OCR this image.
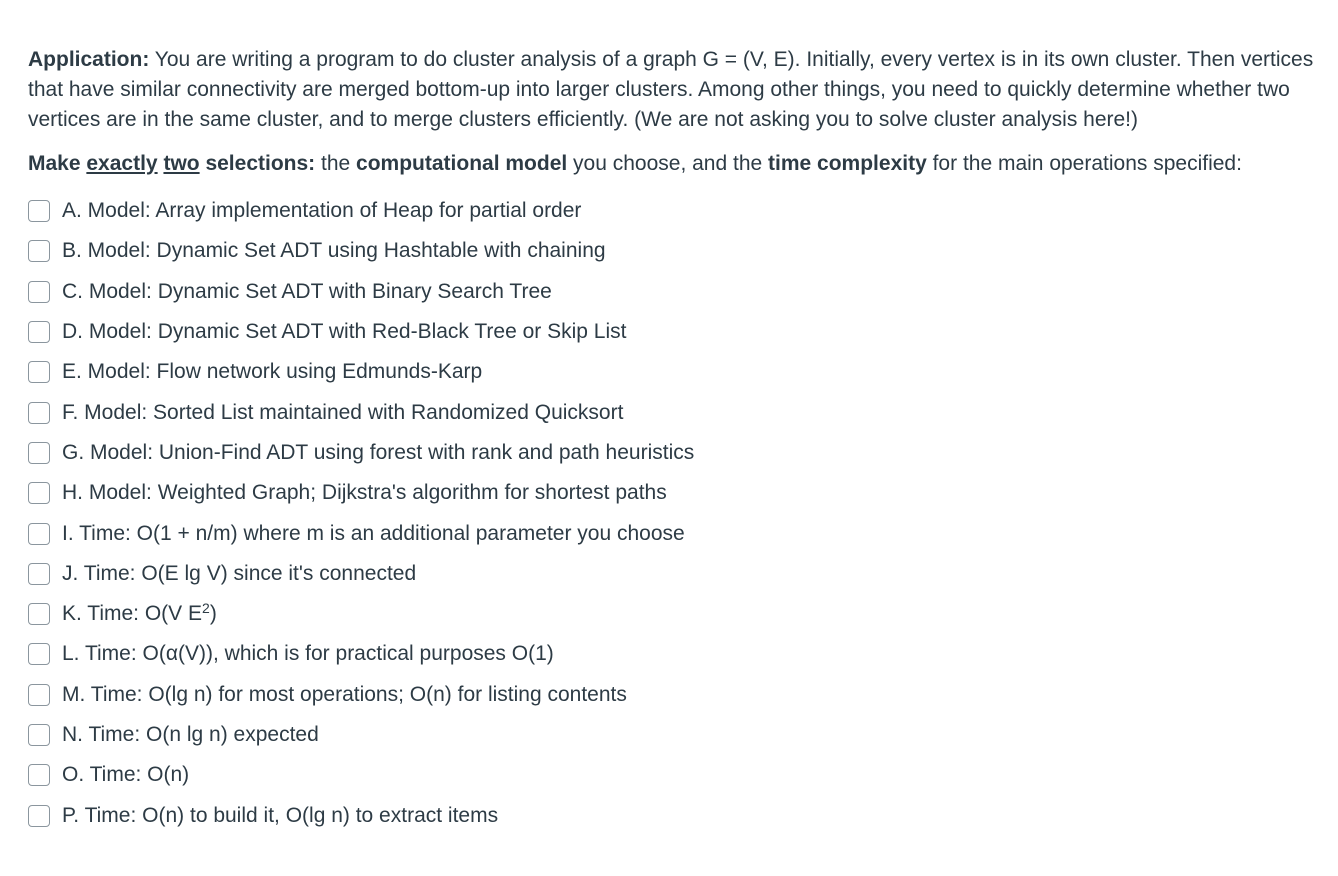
Application: You are writing a program to do cluster analysis of a graph G = (V, E). Initially, every vertex is in its own cluster. Then vertices that have similar connectivity are merged bottom-up into larger clusters. Among other things, you need to quickly determine whether two vertices are in the same cluster, and to merge clusters efficiently. (We are not asking you to solve cluster analysis here!)

Make exactly two selections: the computational model you choose, and the time complexity for the main operations specified:

A. Model: Array implementation of Heap for partial order
B. Model: Dynamic Set ADT using Hashtable with chaining
C. Model: Dynamic Set ADT with Binary Search Tree
D. Model: Dynamic Set ADT with Red-Black Tree or Skip List
E. Model: Flow network using Edmunds-Karp
F. Model: Sorted List maintained with Randomized Quicksort
G. Model: Union-Find ADT using forest with rank and path heuristics
H. Model: Weighted Graph; Dijkstra's algorithm for shortest paths
I. Time: O(1 + n/m) where m is an additional parameter you choose
J. Time: O(E lg V) since it's connected
K. Time: O(V $E^2$)
L. Time: O(α(V)), which is for practical purposes O(1)
M. Time: O(lg n) for most operations; O(n) for listing contents
N. Time: O(n lg n) expected
O. Time: O(n)
P. Time: O(n) to build it, O(lg n) to extract items
